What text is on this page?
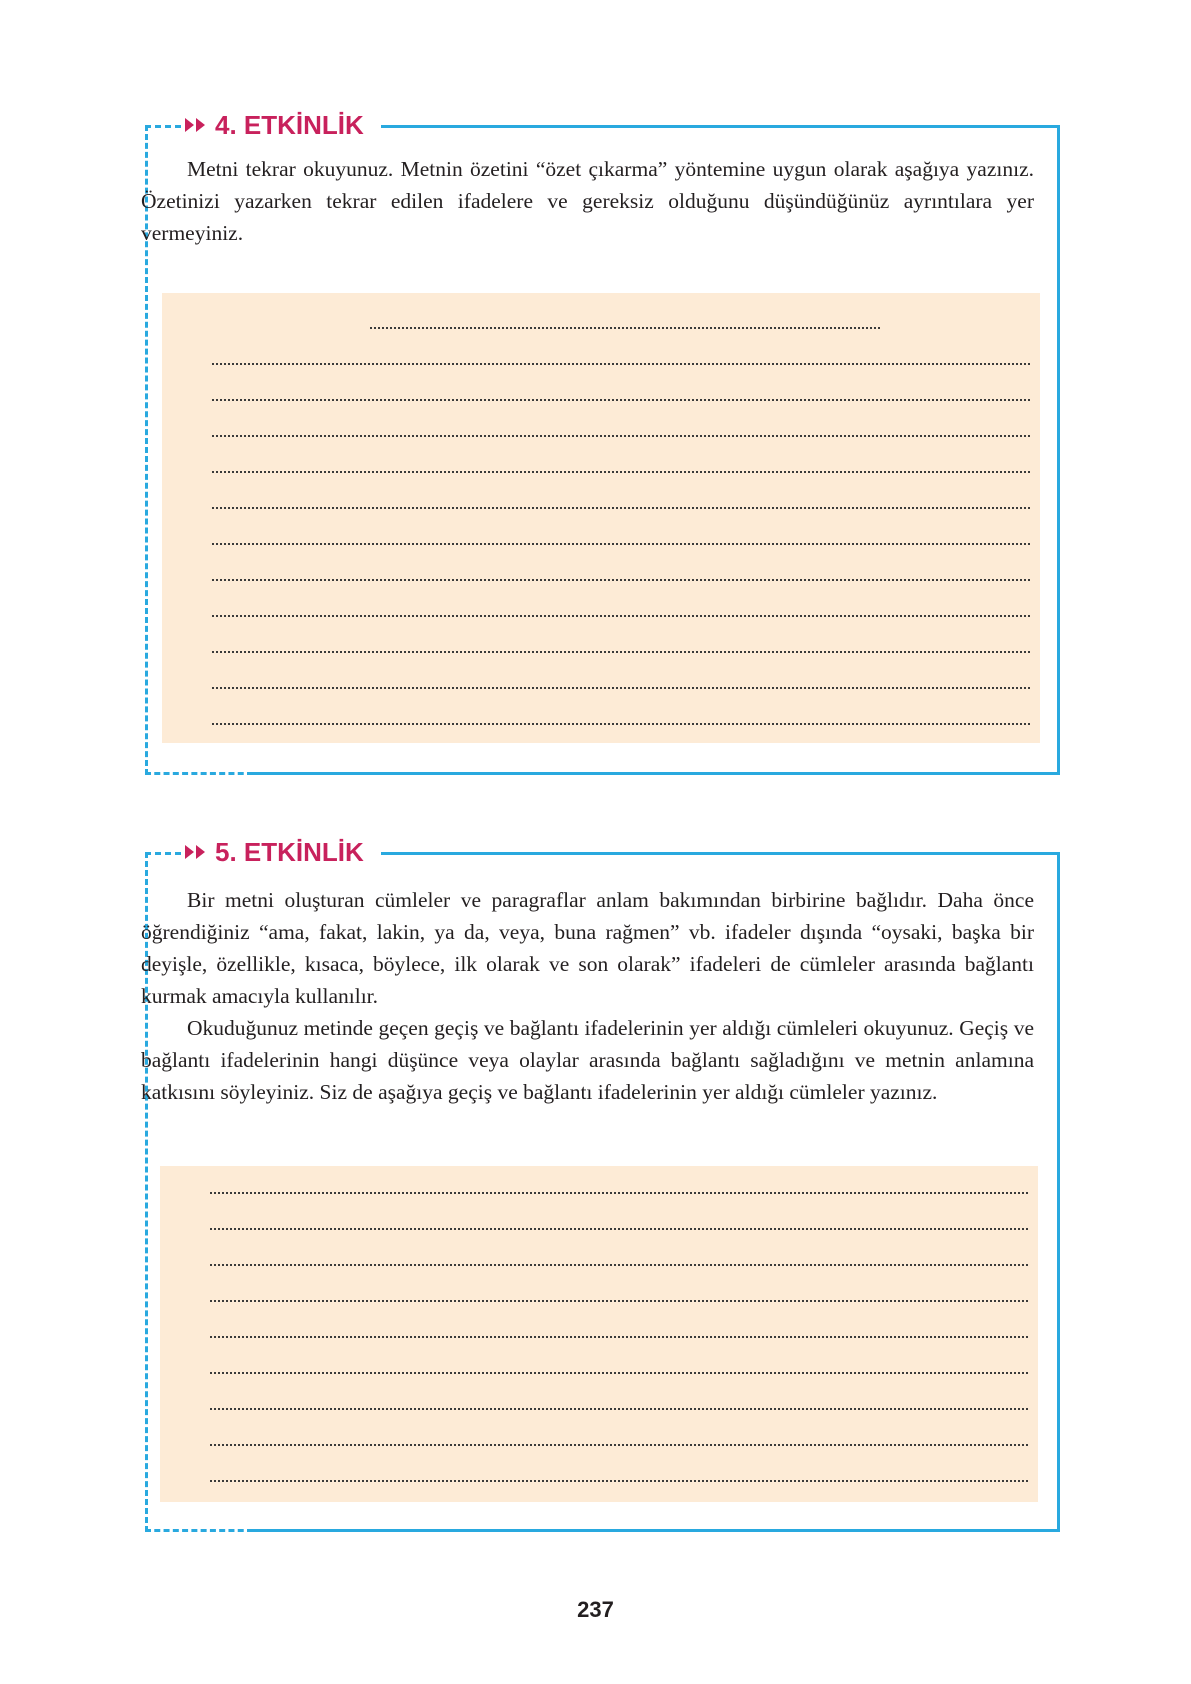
4. ETKİNLİK

Metni tekrar okuyunuz. Metnin özetini “özet çıkarma” yöntemine uygun olarak aşağıya yazınız. Özetinizi yazarken tekrar edilen ifadelere ve gereksiz olduğunu düşündüğünüz ayrıntılara yer vermeyiniz.

5. ETKİNLİK

Bir metni oluşturan cümleler ve paragraflar anlam bakımından birbirine bağlıdır. Daha önce öğrendiğiniz “ama, fakat, lakin, ya da, veya, buna rağmen” vb. ifadeler dışında “oysaki, başka bir deyişle, özellikle, kısaca, böylece, ilk olarak ve son olarak” ifadeleri de cümleler arasında bağlantı kurmak amacıyla kullanılır.

Okuduğunuz metinde geçen geçiş ve bağlantı ifadelerinin yer aldığı cümleleri okuyunuz. Geçiş ve bağlantı ifadelerinin hangi düşünce veya olaylar arasında bağlantı sağladığını ve metnin anlamına katkısını söyleyiniz. Siz de aşağıya geçiş ve bağlantı ifadelerinin yer aldığı cümleler yazınız.

237
